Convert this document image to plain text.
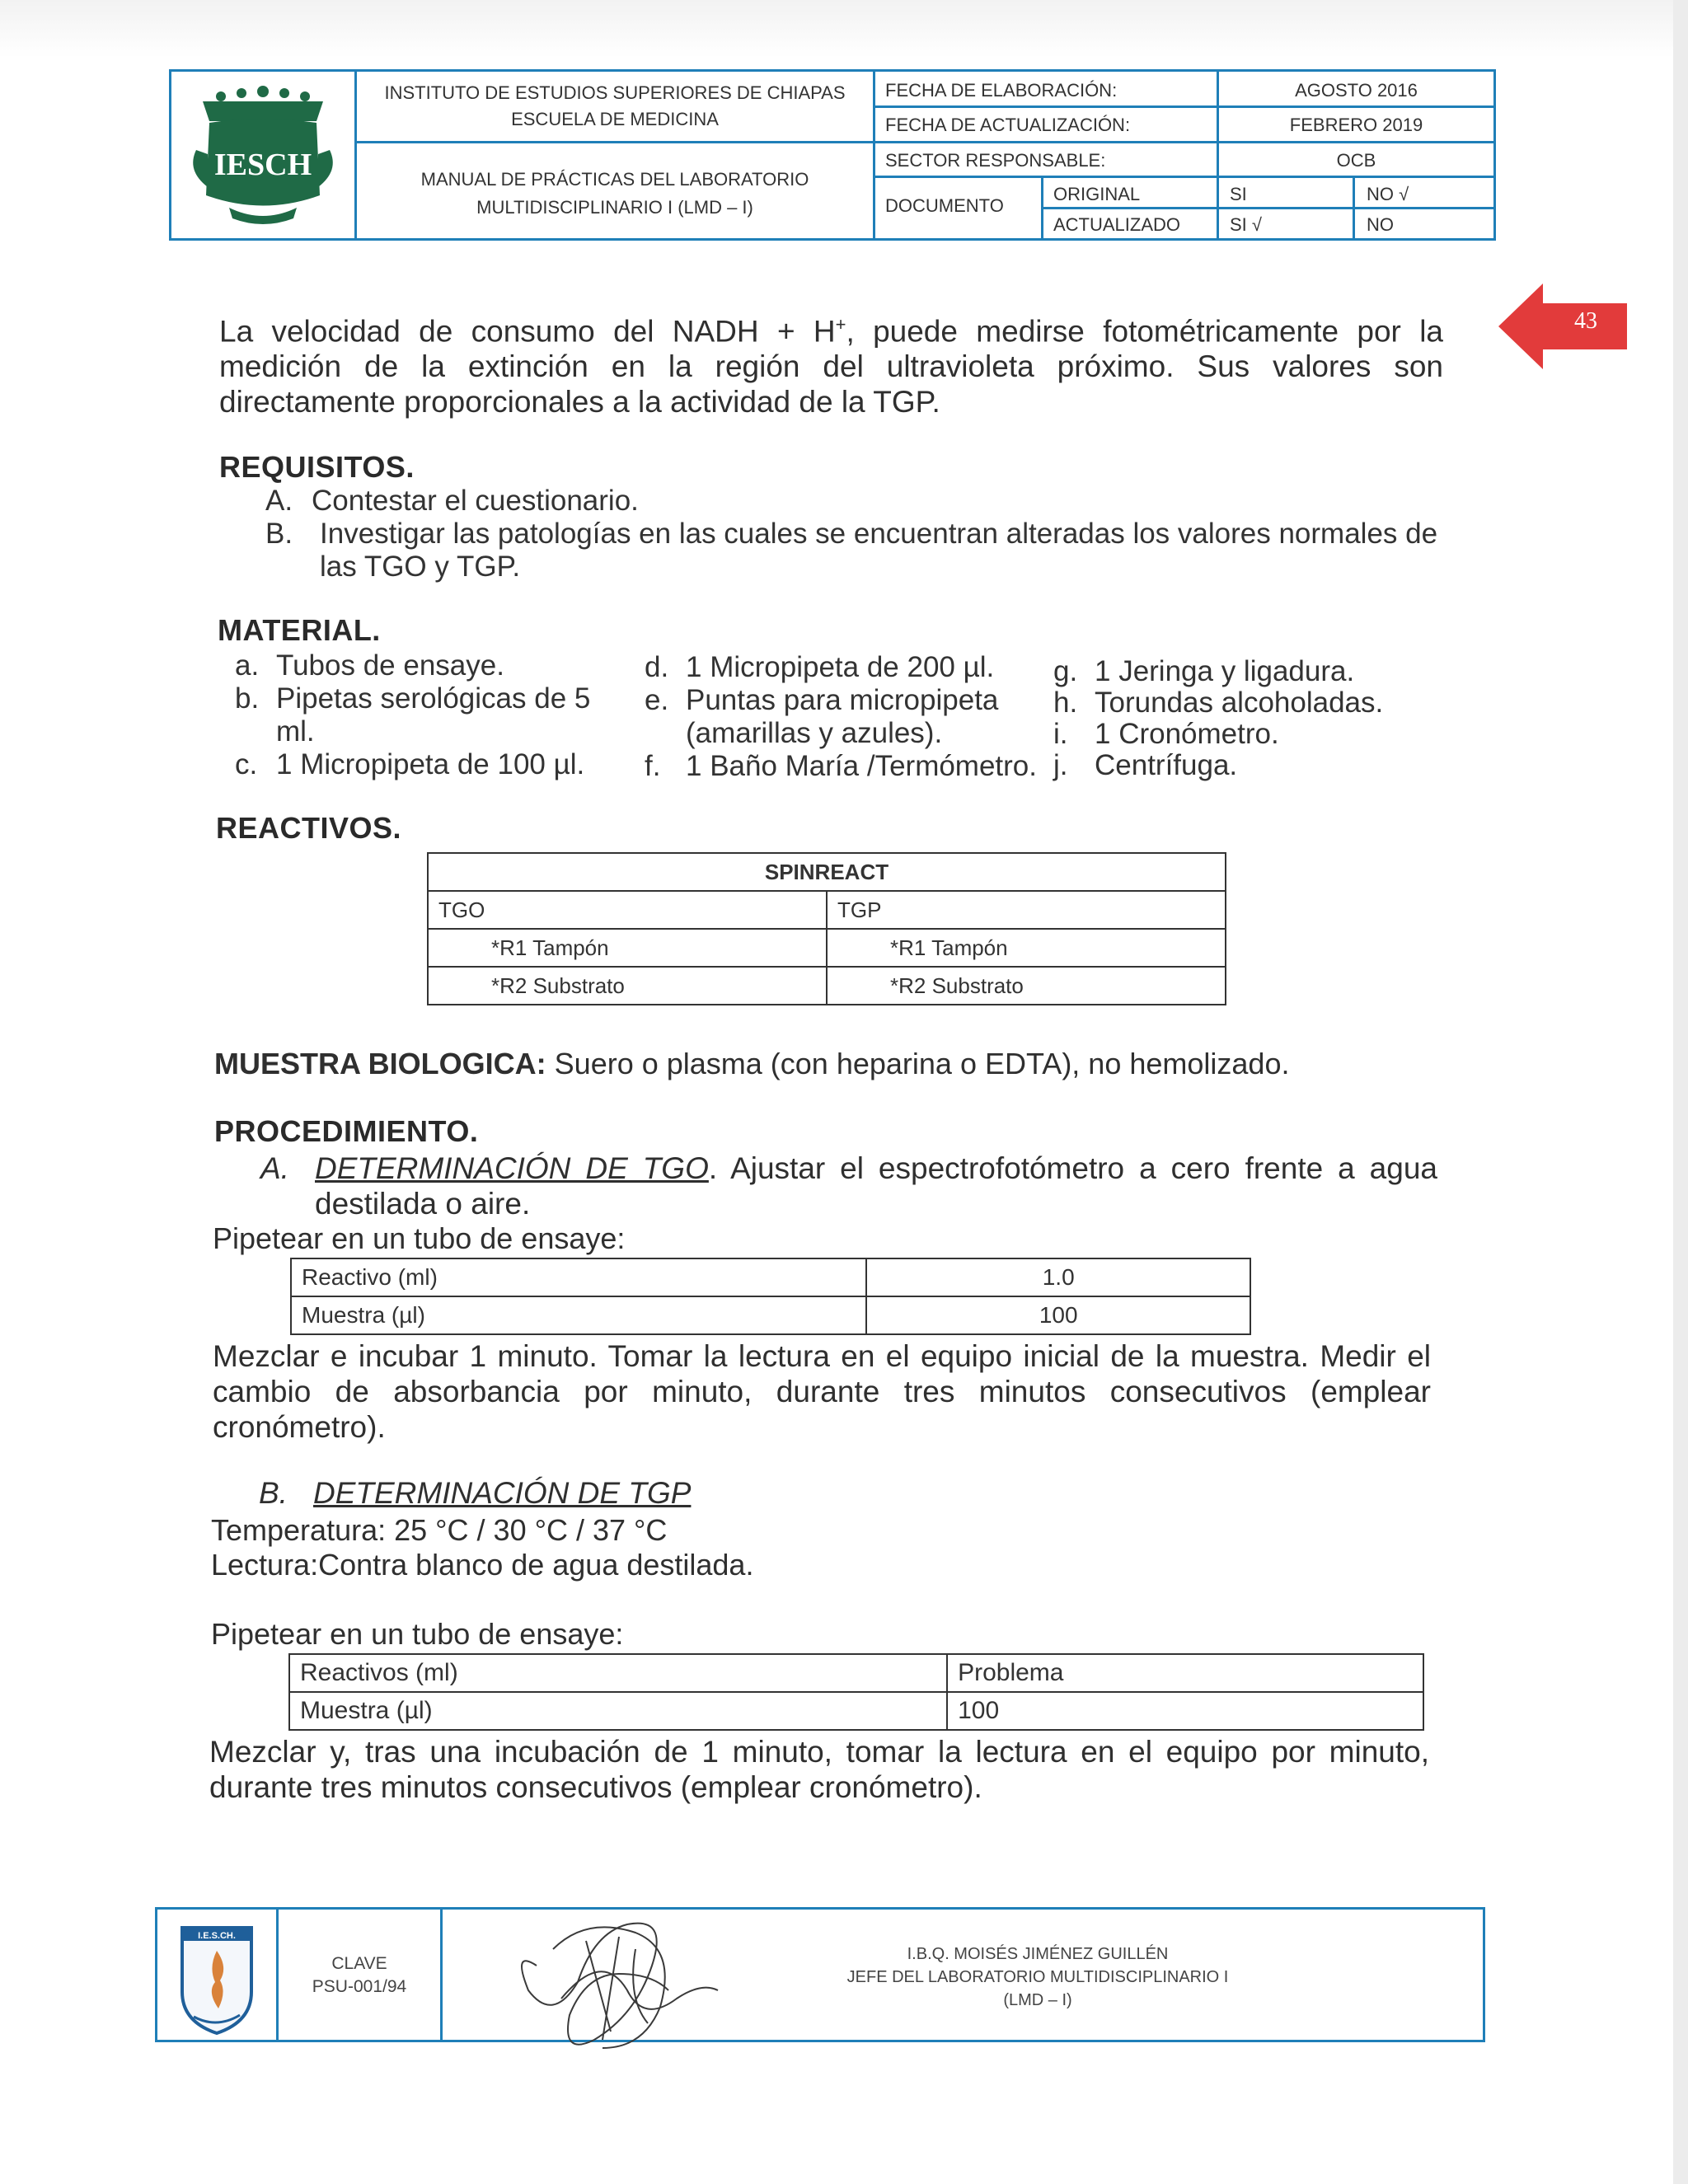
IESCH
INSTITUTO DE ESTUDIOS SUPERIORES DE CHIAPAS
ESCUELA DE MEDICINA
MANUAL DE PRÁCTICAS DEL LABORATORIO
MULTIDISCIPLINARIO I (LMD – I)
FECHA DE ELABORACIÓN:	AGOSTO 2016
FECHA DE ACTUALIZACIÓN:	FEBRERO 2019
SECTOR RESPONSABLE:	OCB
DOCUMENTO
ORIGINAL	SI	NO √
ACTUALIZADO	SI √	NO
43
La velocidad de consumo del NADH + H+, puede medirse fotométricamente por la medición de la extinción en la región del ultravioleta próximo. Sus valores son directamente proporcionales a la actividad de la TGP.
REQUISITOS.
A. Contestar el cuestionario.
B. Investigar las patologías en las cuales se encuentran alteradas los valores normales de las TGO y TGP.
MATERIAL.
a. Tubos de ensaye.
b. Pipetas serológicas de 5 ml.
c. 1 Micropipeta de 100 µl.
d. 1 Micropipeta de 200 µl.
e. Puntas para micropipeta (amarillas y azules).
f. 1 Baño María /Termómetro.
g. 1 Jeringa y ligadura.
h. Torundas alcoholadas.
i. 1 Cronómetro.
j. Centrífuga.
REACTIVOS.
SPINREACT	
TGO	TGP
*R1 Tampón	*R1 Tampón
*R2 Substrato	*R2 Substrato
MUESTRA BIOLOGICA: Suero o plasma (con heparina o EDTA), no hemolizado.
PROCEDIMIENTO.
A. DETERMINACIÓN DE TGO. Ajustar el espectrofotómetro a cero frente a agua destilada o aire.
Pipetear en un tubo de ensaye:
Reactivo (ml)	1.0
Muestra (µl)	100
Mezclar e incubar 1 minuto. Tomar la lectura en el equipo inicial de la muestra. Medir el cambio de absorbancia por minuto, durante tres minutos consecutivos (emplear cronómetro).
B. DETERMINACIÓN DE TGP
Temperatura: 25 °C / 30 °C / 37 °C
Lectura:Contra blanco de agua destilada.
Pipetear en un tubo de ensaye:
Reactivos (ml)	Problema
Muestra (µl)	100
Mezclar y, tras una incubación de 1 minuto, tomar la lectura en el equipo por minuto, durante tres minutos consecutivos (emplear cronómetro).
I.E.S.CH.
CLAVE
PSU-001/94
I.B.Q. MOISÉS JIMÉNEZ GUILLÉN
JEFE DEL LABORATORIO MULTIDISCIPLINARIO I
(LMD – I)
